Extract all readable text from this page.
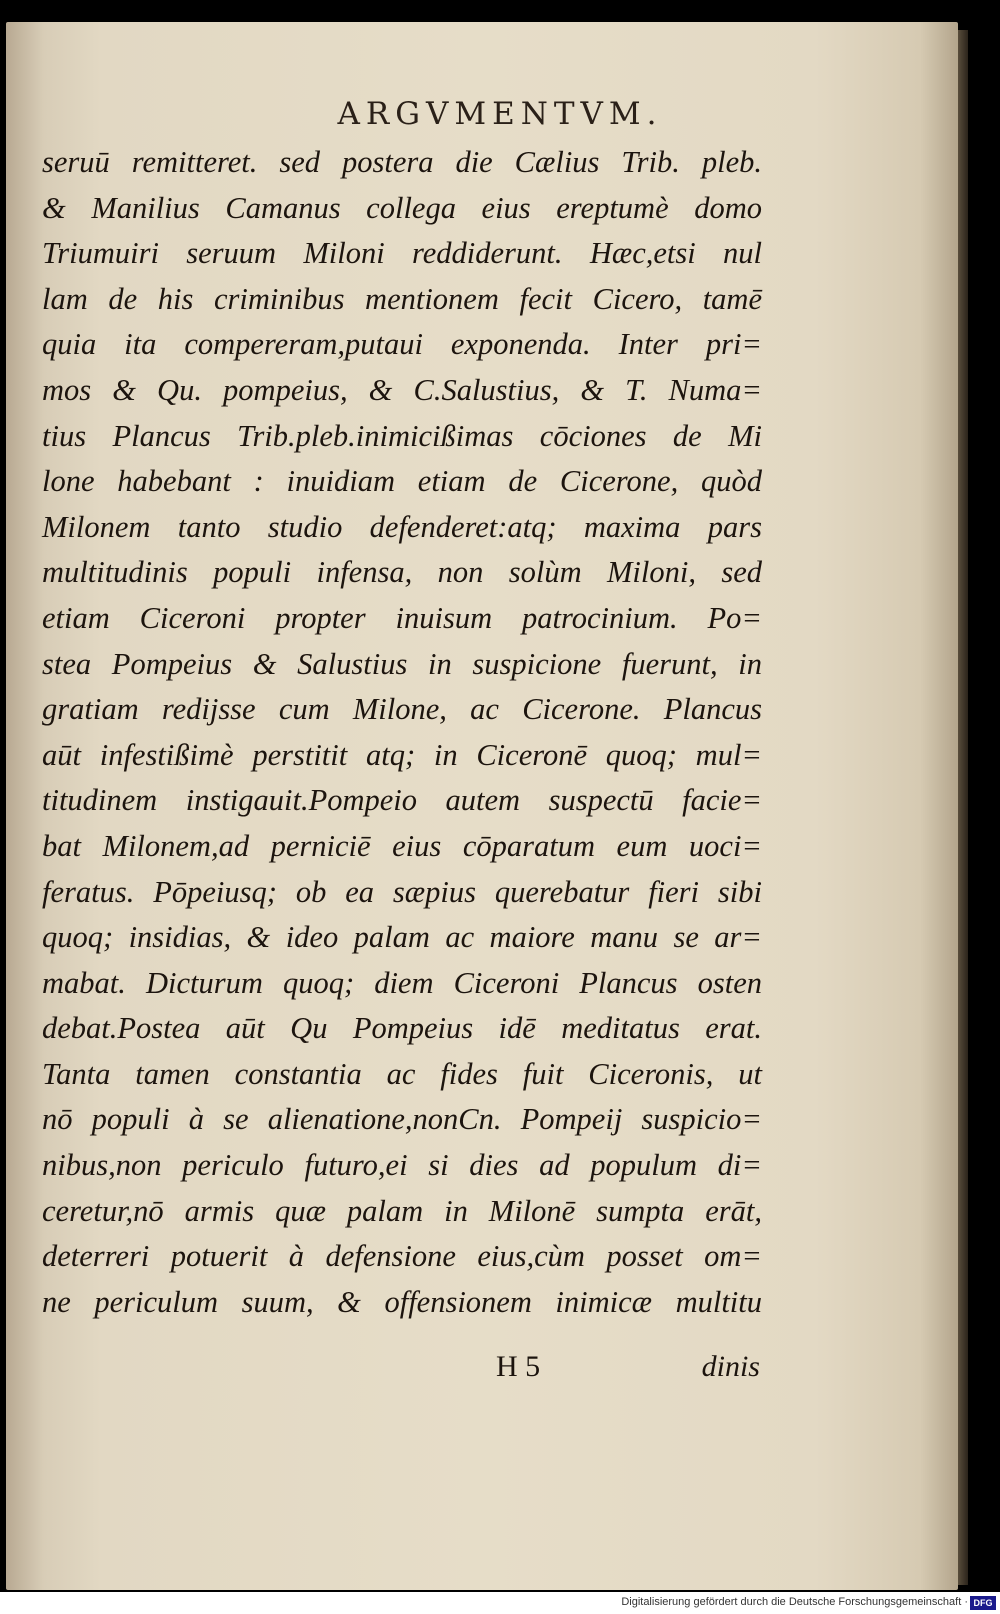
ARGVMENTVM.
seruū remitteret. sed postera die Cælius Trib. pleb.
& Manilius Camanus collega eius ereptumè domo
Triumuiri seruum Miloni reddiderunt. Hæc,etsi nul
lam de his criminibus mentionem fecit Cicero, tamē
quia ita compereram,putaui exponenda. Inter pri=
mos & Qu. pompeius, & C.Salustius, & T. Numa=
tius Plancus Trib.pleb.inimicißimas cōciones de Mi
lone habebant : inuidiam etiam de Cicerone, quòd
Milonem tanto studio defenderet:atq; maxima pars
multitudinis populi infensa, non solùm Miloni, sed
etiam Ciceroni propter inuisum patrocinium. Po=
stea Pompeius & Salustius in suspicione fuerunt, in
gratiam redijsse cum Milone, ac Cicerone. Plancus
aūt infestißimè perstitit atq; in Ciceronē quoq; mul=
titudinem instigauit.Pompeio autem suspectū facie=
bat Milonem,ad perniciē eius cōparatum eum uoci=
feratus. Pōpeiusq; ob ea sæpius querebatur fieri sibi
quoq; insidias, & ideo palam ac maiore manu se ar=
mabat. Dicturum quoq; diem Ciceroni Plancus osten
debat.Postea aūt Qu Pompeius idē meditatus erat.
Tanta tamen constantia ac fides fuit Ciceronis, ut
nō populi à se alienatione,nonCn. Pompeij suspicio=
nibus,non periculo futuro,ei si dies ad populum di=
ceretur,nō armis quæ palam in Milonē sumpta erāt,
deterreri potuerit à defensione eius,cùm posset om=
ne periculum suum, & offensionem inimicæ multitu
H 5	dinis
Digitalisierung gefördert durch die Deutsche Forschungsgemeinschaft · DFG
